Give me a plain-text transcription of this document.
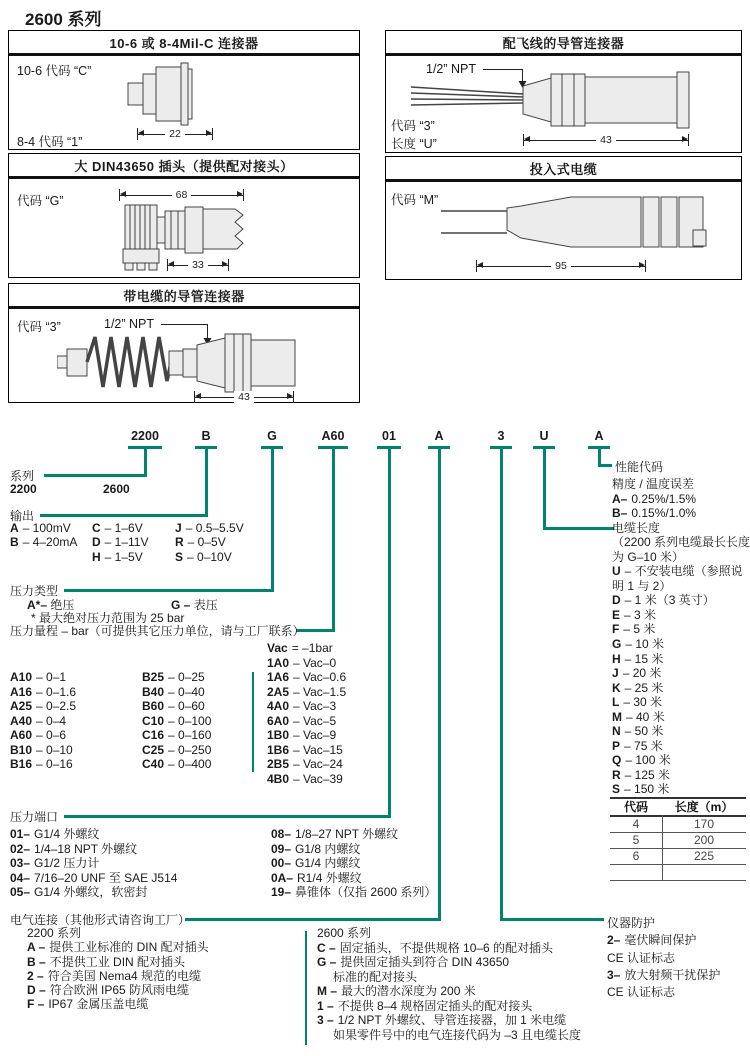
2600 系列
10-6 或 8-4Mil-C 连接器
10-6 代码 “C”
8-4 代码 “1”
22
配飞线的导管连接器
1/2” NPT
代码 “3”
长度 “U”	43
大 DIN43650 插头（提供配对接头）
代码 “G”	68
33
投入式电缆
代码 “M”
95
带电缆的导管连接器
代码 “3”	1/2” NPT
43
2200	B	G	A60	01	A	3	U	A
系列
2200	2600
输出
A – 100mV
B – 4–20mA
C – 1–6V
D – 1–11V
H – 1–5V
J – 0.5–5.5V
R – 0–5V
S – 0–10V
压力类型
A*– 绝压	G – 表压
* 最大绝对压力范围为 25 bar
压力量程 – bar（可提供其它压力单位，请与工厂联系）
A10 – 0–1
A16 – 0–1.6
A25 – 0–2.5
A40 – 0–4
A60 – 0–6
B10 – 0–10
B16 – 0–16
B25 – 0–25
B40 – 0–40
B60 – 0–60
C10 – 0–100
C16 – 0–160
C25 – 0–250
C40 – 0–400
Vac = –1bar
1A0 – Vac–0
1A6 – Vac–0.6
2A5 – Vac–1.5
4A0 – Vac–3
6A0 – Vac–5
1B0 – Vac–9
1B6 – Vac–15
2B5 – Vac–24
4B0 – Vac–39
性能代码
精度 / 温度误差
A– 0.25%/1.5%
B– 0.15%/1.0%
电缆长度
（2200 系列电缆最长长度
为 G–10 米）
U – 不安装电缆（参照说
明 1 与 2）
D – 1 米（3 英寸）
E – 3 米
F – 5 米
G – 10 米
H – 15 米
J – 20 米
K – 25 米
L – 30 米
M – 40 米
N – 50 米
P – 75 米
Q – 100 米
R – 125 米
S – 150 米
代码	长度（m）
4	170
5	200
6	225
压力端口
01– G1/4 外螺纹
02– 1/4–18 NPT 外螺纹
03– G1/2 压力计
04– 7/16–20 UNF 至 SAE J514
05– G1/4 外螺纹，软密封
08– 1/8–27 NPT 外螺纹
09– G1/8 内螺纹
00– G1/4 内螺纹
0A– R1/4 外螺纹
19– 鼻锥体（仅指 2600 系列）
电气连接（其他形式请咨询工厂）
2200 系列
A – 提供工业标准的 DIN 配对插头
B – 不提供工业 DIN 配对插头
2 – 符合美国 Nema4 规范的电缆
D – 符合欧洲 IP65 防风雨电缆
F – IP67 金属压盖电缆
2600 系列
C – 固定插头，不提供规格 10–6 的配对插头
G – 提供固定插头到符合 DIN 43650
标准的配对接头
M – 最大的潜水深度为 200 米
1 – 不提供 8–4 规格固定插头的配对接头
3 – 1/2 NPT 外螺纹、导管连接器，加 1 米电缆
如果零件号中的电气连接代码为 –3 且电缆长度
仪器防护
2– 毫伏瞬间保护
CE 认证标志
3– 放大射频干扰保护
CE 认证标志
